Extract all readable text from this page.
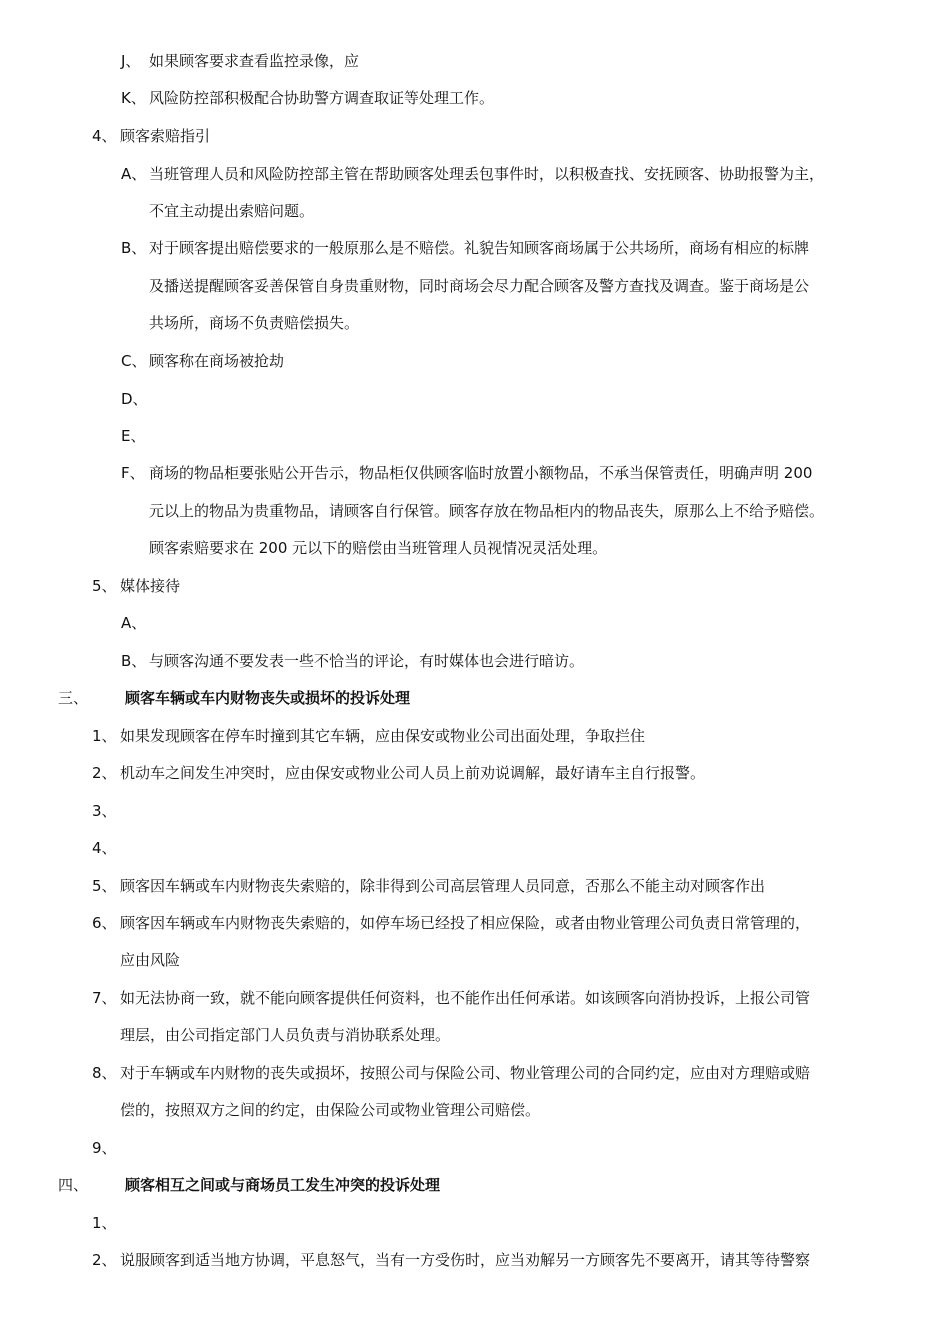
J、 如果顾客要求查看监控录像，应
K、 风险防控部积极配合协助警方调查取证等处理工作。
4、 顾客索赔指引
A、 当班管理人员和风险防控部主管在帮助顾客处理丢包事件时，以积极查找、安抚顾客、协助报警为主，
不宜主动提出索赔问题。
B、 对于顾客提出赔偿要求的一般原那么是不赔偿。礼貌告知顾客商场属于公共场所，商场有相应的标牌
及播送提醒顾客妥善保管自身贵重财物，同时商场会尽力配合顾客及警方查找及调查。鉴于商场是公
共场所，商场不负责赔偿损失。
C、 顾客称在商场被抢劫
D、
E、
F、 商场的物品柜要张贴公开告示，物品柜仅供顾客临时放置小额物品，不承当保管责任，明确声明 200
元以上的物品为贵重物品，请顾客自行保管。顾客存放在物品柜内的物品丧失，原那么上不给予赔偿。
顾客索赔要求在 200 元以下的赔偿由当班管理人员视情况灵活处理。
5、 媒体接待
A、
B、 与顾客沟通不要发表一些不恰当的评论，有时媒体也会进行暗访。
三、 顾客车辆或车内财物丧失或损坏的投诉处理
1、 如果发现顾客在停车时撞到其它车辆，应由保安或物业公司出面处理，争取拦住
2、 机动车之间发生冲突时，应由保安或物业公司人员上前劝说调解，最好请车主自行报警。
3、
4、
5、 顾客因车辆或车内财物丧失索赔的，除非得到公司高层管理人员同意，否那么不能主动对顾客作出
6、 顾客因车辆或车内财物丧失索赔的，如停车场已经投了相应保险，或者由物业管理公司负责日常管理的，
应由风险
7、 如无法协商一致，就不能向顾客提供任何资料，也不能作出任何承诺。如该顾客向消协投诉，上报公司管
理层，由公司指定部门人员负责与消协联系处理。
8、 对于车辆或车内财物的丧失或损坏，按照公司与保险公司、物业管理公司的合同约定，应由对方理赔或赔
偿的，按照双方之间的约定，由保险公司或物业管理公司赔偿。
9、
四、 顾客相互之间或与商场员工发生冲突的投诉处理
1、
2、 说服顾客到适当地方协调，平息怒气，当有一方受伤时，应当劝解另一方顾客先不要离开，请其等待警察
